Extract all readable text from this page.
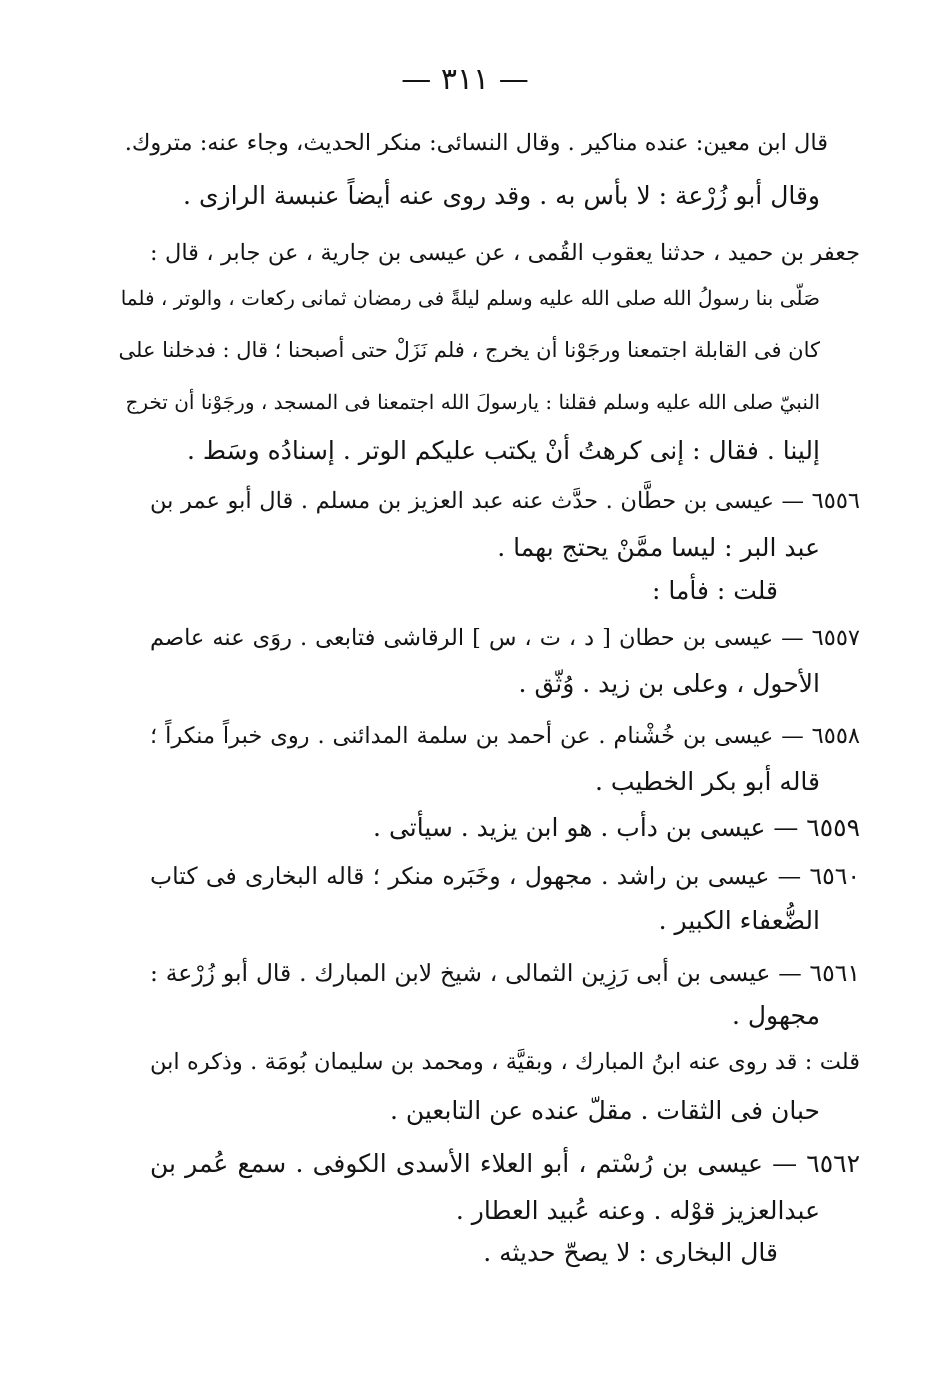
— ٣١١ —
قال ابن معين: عنده مناكير . وقال النسائى: منكر الحديث، وجاء عنه: متروك.
وقال أبو زُرْعة : لا بأس به . وقد روى عنه أيضاً عنبسة الرازى .
جعفر بن حميد ، حدثنا يعقوب القُمى ، عن عيسى بن جارية ، عن جابر ، قال :
صَلّى بنا رسولُ الله صلى الله عليه وسلم ليلةً فى رمضان ثمانى ركعات ، والوتر ، فلما
كان فى القابلة اجتمعنا ورجَوْنا أن يخرج ، فلم نَزَلْ حتى أصبحنا ؛ قال : فدخلنا على
النبيّ صلى الله عليه وسلم فقلنا : يارسولَ الله اجتمعنا فى المسجد ، ورجَوْنا أن تخرج
إلينا . فقال : إنى كرهتُ أنْ يكتب عليكم الوتر . إسنادُه وسَط .
٦٥٥٦ — عيسى بن حطَّان . حدَّث عنه عبد العزيز بن مسلم . قال أبو عمر بن
عبد البر : ليسا ممَّنْ يحتج بهما .
قلت : فأما :
٦٥٥٧ — عيسى بن حطان [ د ، ت ، س ] الرقاشى فتابعى . روَى عنه عاصم
الأحول ، وعلى بن زيد . وُثّق .
٦٥٥٨ — عيسى بن خُشْنام . عن أحمد بن سلمة المدائنى . روى خبراً منكراً ؛
قاله أبو بكر الخطيب .
٦٥٥٩ — عيسى بن دأب . هو ابن يزيد . سيأتى .
٦٥٦٠ — عيسى بن راشد . مجهول ، وخَبَره منكر ؛ قاله البخارى فى كتاب
الضُّعفاء الكبير .
٦٥٦١ — عيسى بن أبى رَزِين الثمالى ، شيخ لابن المبارك . قال أبو زُرْعة :
مجهول .
قلت : قد روى عنه ابنُ المبارك ، وبقيَّة ، ومحمد بن سليمان بُومَة . وذكره ابن
حبان فى الثقات . مقلّ عنده عن التابعين .
٦٥٦٢ — عيسى بن رُسْتم ، أبو العلاء الأسدى الكوفى . سمع عُمر بن
عبدالعزيز قوْله . وعنه عُبيد العطار .
قال البخارى : لا يصحّ حديثه .
